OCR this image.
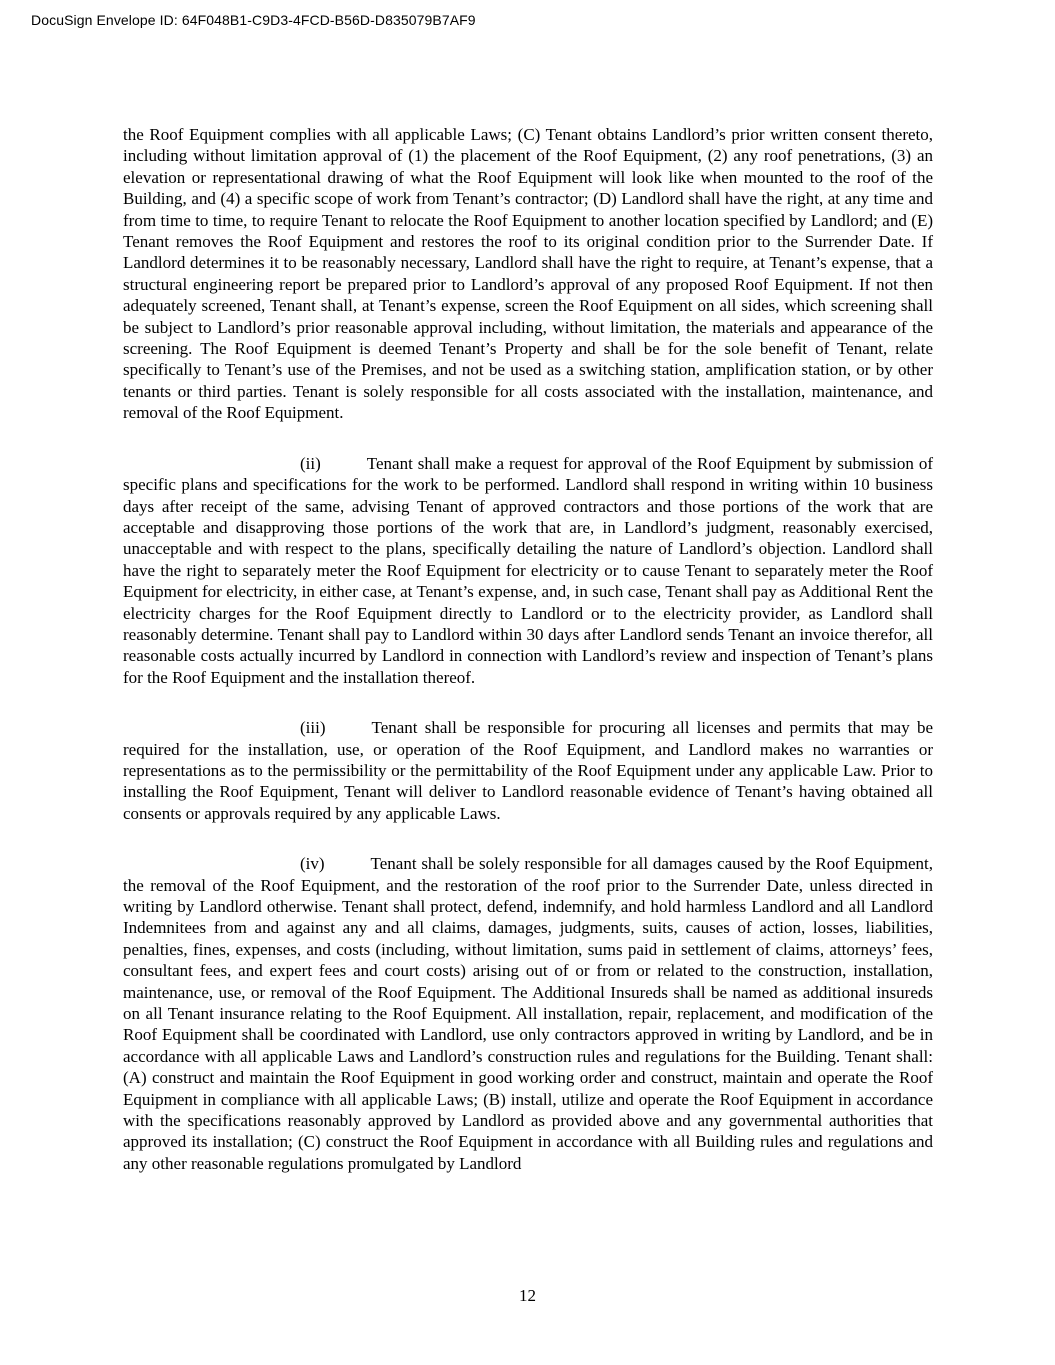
DocuSign Envelope ID: 64F048B1-C9D3-4FCD-B56D-D835079B7AF9

the Roof Equipment complies with all applicable Laws; (C) Tenant obtains Landlord’s prior written consent thereto, including without limitation approval of (1) the placement of the Roof Equipment, (2) any roof penetrations, (3) an elevation or representational drawing of what the Roof Equipment will look like when mounted to the roof of the Building, and (4) a specific scope of work from Tenant’s contractor; (D) Landlord shall have the right, at any time and from time to time, to require Tenant to relocate the Roof Equipment to another location specified by Landlord; and (E) Tenant removes the Roof Equipment and restores the roof to its original condition prior to the Surrender Date. If Landlord determines it to be reasonably necessary, Landlord shall have the right to require, at Tenant’s expense, that a structural engineering report be prepared prior to Landlord’s approval of any proposed Roof Equipment. If not then adequately screened, Tenant shall, at Tenant’s expense, screen the Roof Equipment on all sides, which screening shall be subject to Landlord’s prior reasonable approval including, without limitation, the materials and appearance of the screening. The Roof Equipment is deemed Tenant’s Property and shall be for the sole benefit of Tenant, relate specifically to Tenant’s use of the Premises, and not be used as a switching station, amplification station, or by other tenants or third parties. Tenant is solely responsible for all costs associated with the installation, maintenance, and removal of the Roof Equipment.

(ii)	Tenant shall make a request for approval of the Roof Equipment by submission of specific plans and specifications for the work to be performed. Landlord shall respond in writing within 10 business days after receipt of the same, advising Tenant of approved contractors and those portions of the work that are acceptable and disapproving those portions of the work that are, in Landlord’s judgment, reasonably exercised, unacceptable and with respect to the plans, specifically detailing the nature of Landlord’s objection. Landlord shall have the right to separately meter the Roof Equipment for electricity or to cause Tenant to separately meter the Roof Equipment for electricity, in either case, at Tenant’s expense, and, in such case, Tenant shall pay as Additional Rent the electricity charges for the Roof Equipment directly to Landlord or to the electricity provider, as Landlord shall reasonably determine. Tenant shall pay to Landlord within 30 days after Landlord sends Tenant an invoice therefor, all reasonable costs actually incurred by Landlord in connection with Landlord’s review and inspection of Tenant’s plans for the Roof Equipment and the installation thereof.

(iii)	Tenant shall be responsible for procuring all licenses and permits that may be required for the installation, use, or operation of the Roof Equipment, and Landlord makes no warranties or representations as to the permissibility or the permittability of the Roof Equipment under any applicable Law. Prior to installing the Roof Equipment, Tenant will deliver to Landlord reasonable evidence of Tenant’s having obtained all consents or approvals required by any applicable Laws.

(iv)	Tenant shall be solely responsible for all damages caused by the Roof Equipment, the removal of the Roof Equipment, and the restoration of the roof prior to the Surrender Date, unless directed in writing by Landlord otherwise. Tenant shall protect, defend, indemnify, and hold harmless Landlord and all Landlord Indemnitees from and against any and all claims, damages, judgments, suits, causes of action, losses, liabilities, penalties, fines, expenses, and costs (including, without limitation, sums paid in settlement of claims, attorneys’ fees, consultant fees, and expert fees and court costs) arising out of or from or related to the construction, installation, maintenance, use, or removal of the Roof Equipment. The Additional Insureds shall be named as additional insureds on all Tenant insurance relating to the Roof Equipment. All installation, repair, replacement, and modification of the Roof Equipment shall be coordinated with Landlord, use only contractors approved in writing by Landlord, and be in accordance with all applicable Laws and Landlord’s construction rules and regulations for the Building. Tenant shall: (A) construct and maintain the Roof Equipment in good working order and construct, maintain and operate the Roof Equipment in compliance with all applicable Laws; (B) install, utilize and operate the Roof Equipment in accordance with the specifications reasonably approved by Landlord as provided above and any governmental authorities that approved its installation; (C) construct the Roof Equipment in accordance with all Building rules and regulations and any other reasonable regulations promulgated by Landlord

12
